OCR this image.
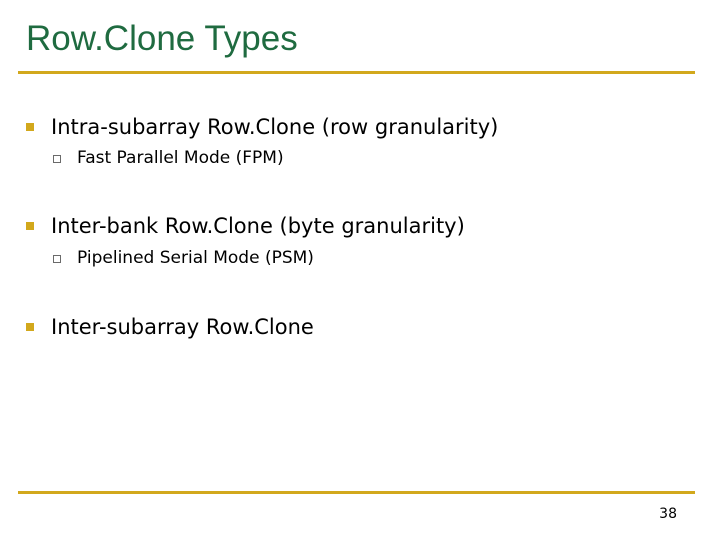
Row.Clone Types
Intra-subarray Row.Clone (row granularity)
Fast Parallel Mode (FPM)
Inter-bank Row.Clone (byte granularity)
Pipelined Serial Mode (PSM)
Inter-subarray Row.Clone
38
